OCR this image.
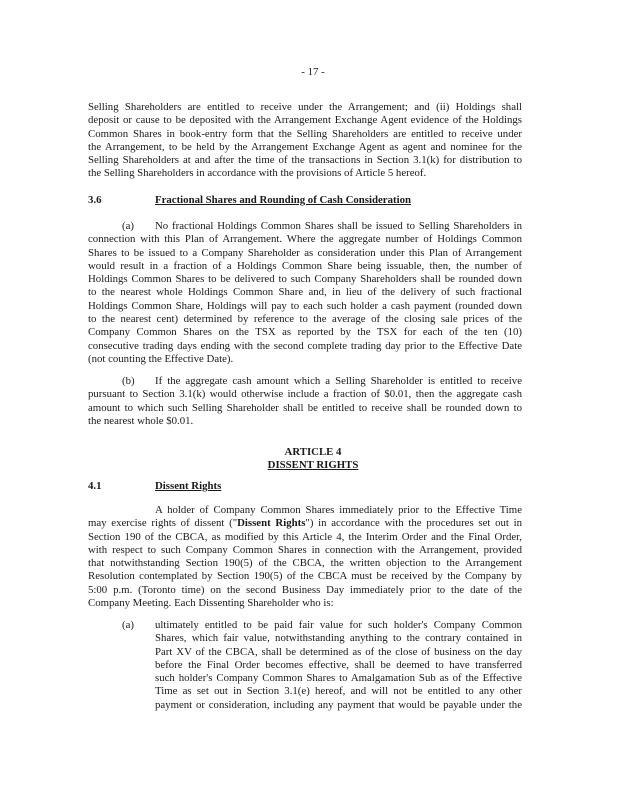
- 17 -
Selling Shareholders are entitled to receive under the Arrangement; and (ii) Holdings shall
deposit or cause to be deposited with the Arrangement Exchange Agent evidence of the Holdings
Common Shares in book-entry form that the Selling Shareholders are entitled to receive under
the Arrangement, to be held by the Arrangement Exchange Agent as agent and nominee for the
Selling Shareholders at and after the time of the transactions in Section 3.1(k) for distribution to
the Selling Shareholders in accordance with the provisions of Article 5 hereof.
3.6	Fractional Shares and Rounding of Cash Consideration
(a)	No fractional Holdings Common Shares shall be issued to Selling Shareholders in
connection with this Plan of Arrangement. Where the aggregate number of Holdings Common
Shares to be issued to a Company Shareholder as consideration under this Plan of Arrangement
would result in a fraction of a Holdings Common Share being issuable, then, the number of
Holdings Common Shares to be delivered to such Company Shareholders shall be rounded down
to the nearest whole Holdings Common Share and, in lieu of the delivery of such fractional
Holdings Common Share, Holdings will pay to each such holder a cash payment (rounded down
to the nearest cent) determined by reference to the average of the closing sale prices of the
Company Common Shares on the TSX as reported by the TSX for each of the ten (10)
consecutive trading days ending with the second complete trading day prior to the Effective Date
(not counting the Effective Date).
(b)	If the aggregate cash amount which a Selling Shareholder is entitled to receive
pursuant to Section 3.1(k) would otherwise include a fraction of $0.01, then the aggregate cash
amount to which such Selling Shareholder shall be entitled to receive shall be rounded down to
the nearest whole $0.01.
ARTICLE 4
DISSENT RIGHTS
4.1	Dissent Rights
A holder of Company Common Shares immediately prior to the Effective Time
may exercise rights of dissent ("Dissent Rights") in accordance with the procedures set out in
Section 190 of the CBCA, as modified by this Article 4, the Interim Order and the Final Order,
with respect to such Company Common Shares in connection with the Arrangement, provided
that notwithstanding Section 190(5) of the CBCA, the written objection to the Arrangement
Resolution contemplated by Section 190(5) of the CBCA must be received by the Company by
5:00 p.m. (Toronto time) on the second Business Day immediately prior to the date of the
Company Meeting. Each Dissenting Shareholder who is:
(a) ultimately entitled to be paid fair value for such holder's Company Common
Shares, which fair value, notwithstanding anything to the contrary contained in
Part XV of the CBCA, shall be determined as of the close of business on the day
before the Final Order becomes effective, shall be deemed to have transferred
such holder's Company Common Shares to Amalgamation Sub as of the Effective
Time as set out in Section 3.1(e) hereof, and will not be entitled to any other
payment or consideration, including any payment that would be payable under the
